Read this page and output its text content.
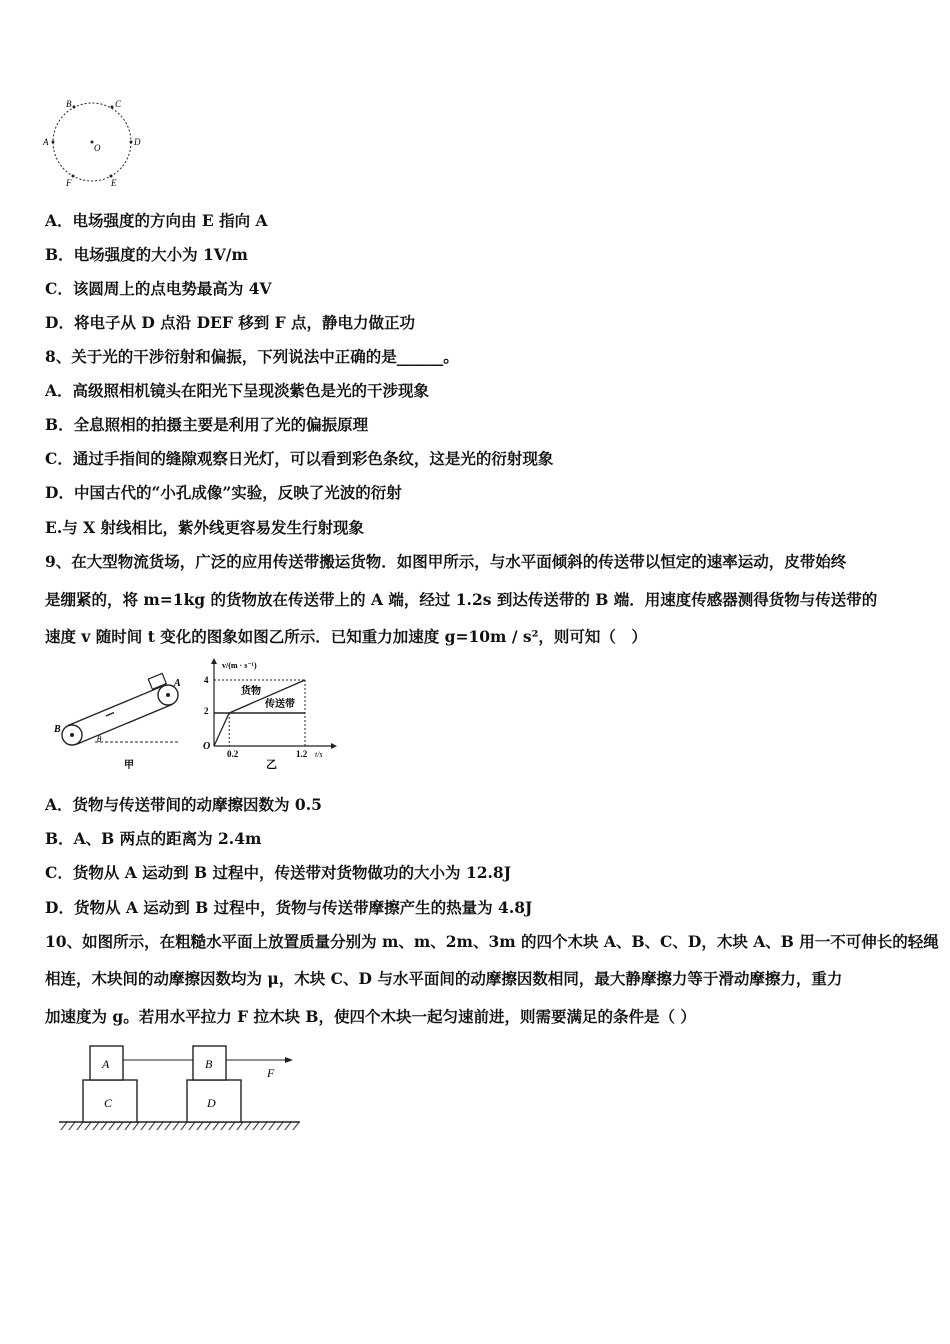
B	C
A
O
D
F	E
A．电场强度的方向由 E 指向 A
B．电场强度的大小为 1V/m
C．该圆周上的点电势最高为 4V
D．将电子从 D 点沿 DEF 移到 F 点，静电力做正功
8、关于光的干涉衍射和偏振，下列说法中正确的是______。
A．高级照相机镜头在阳光下呈现淡紫色是光的干涉现象
B．全息照相的拍摄主要是利用了光的偏振原理
C．通过手指间的缝隙观察日光灯，可以看到彩色条纹，这是光的衍射现象
D．中国古代的“小孔成像”实验，反映了光波的衍射
E.与 X 射线相比，紫外线更容易发生行射现象
9、在大型物流货场，广泛的应用传送带搬运货物．如图甲所示，与水平面倾斜的传送带以恒定的速率运动，皮带始终
是绷紧的，将 m=1kg 的货物放在传送带上的 A 端，经过 1.2s 到达传送带的 B 端．用速度传感器测得货物与传送带的
速度 v 随时间 t 变化的图象如图乙所示．已知重力加速度 g=10m / s²，则可知（　）
A
B
θ
甲
v/(m · s⁻¹)
4
2
O
0.2	1.2 t/s
货物
传送带
乙
A．货物与传送带间的动摩擦因数为 0.5
B．A、B 两点的距离为 2.4m
C．货物从 A 运动到 B 过程中，传送带对货物做功的大小为 12.8J
D．货物从 A 运动到 B 过程中，货物与传送带摩擦产生的热量为 4.8J
10、如图所示，在粗糙水平面上放置质量分别为 m、m、2m、3m 的四个木块 A、B、C、D，木块 A、B 用一不可伸长的轻绳
相连，木块间的动摩擦因数均为 μ，木块 C、D 与水平面间的动摩擦因数相同，最大静摩擦力等于滑动摩擦力，重力
加速度为 g。若用水平拉力 F 拉木块 B，使四个木块一起匀速前进，则需要满足的条件是（ ）
A	B
C	D
F
